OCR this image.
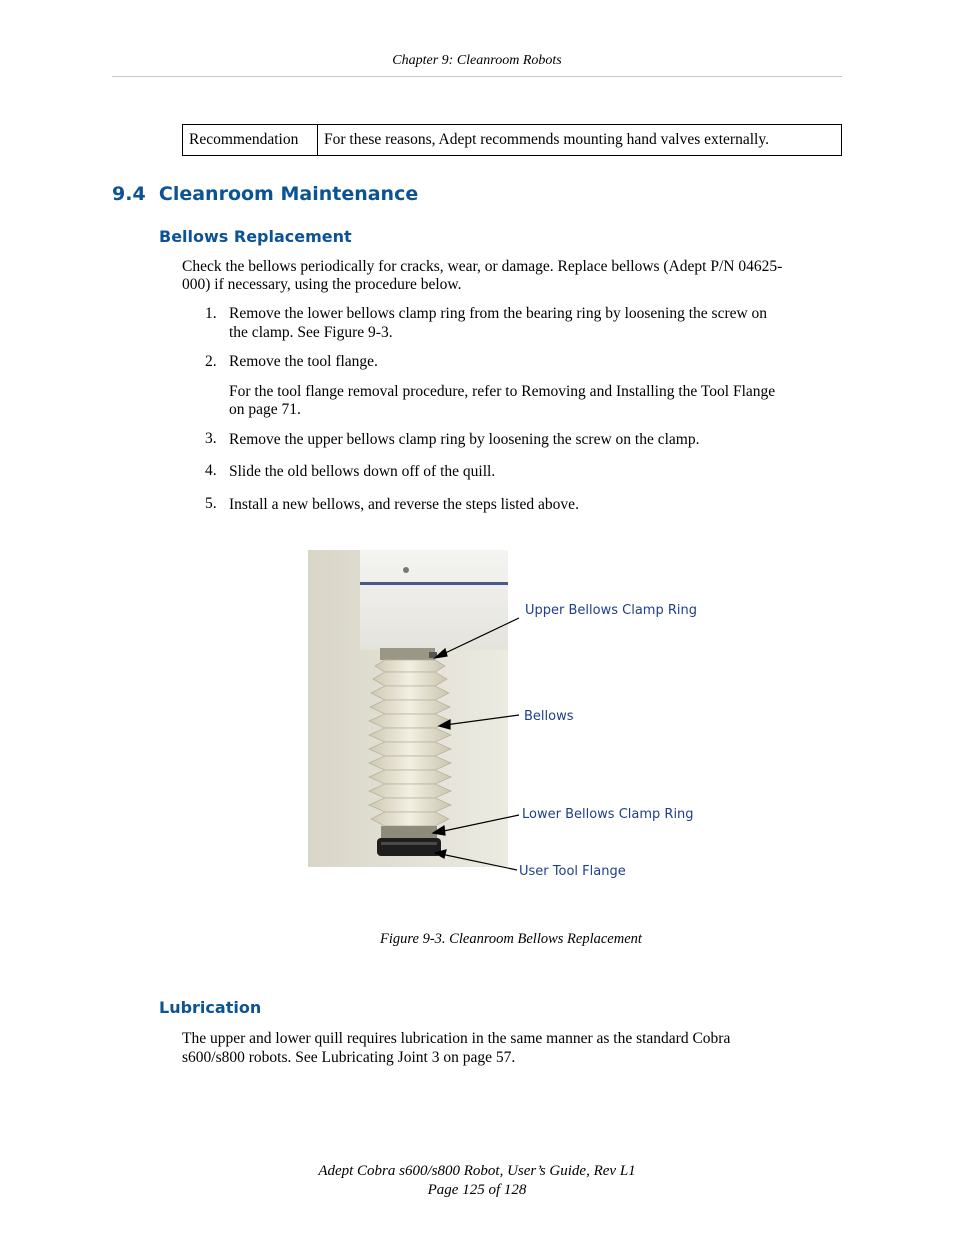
Chapter 9: Cleanroom Robots
Recommendation	For these reasons, Adept recommends mounting hand valves externally.
9.4  Cleanroom Maintenance
Bellows Replacement
Check the bellows periodically for cracks, wear, or damage. Replace bellows (Adept P/N 04625-
000) if necessary, using the procedure below.
1. Remove the lower bellows clamp ring from the bearing ring by loosening the screw on
the clamp. See Figure 9-3.
2. Remove the tool flange.
For the tool flange removal procedure, refer to Removing and Installing the Tool Flange
on page 71.
3. Remove the upper bellows clamp ring by loosening the screw on the clamp.
4. Slide the old bellows down off of the quill.
5. Install a new bellows, and reverse the steps listed above.
Upper Bellows Clamp Ring
Bellows
Lower Bellows Clamp Ring
User Tool Flange
Figure 9-3. Cleanroom Bellows Replacement
Lubrication
The upper and lower quill requires lubrication in the same manner as the standard Cobra
s600/s800 robots. See Lubricating Joint 3 on page 57.
Adept Cobra s600/s800 Robot, User’s Guide, Rev L1
Page 125 of 128
